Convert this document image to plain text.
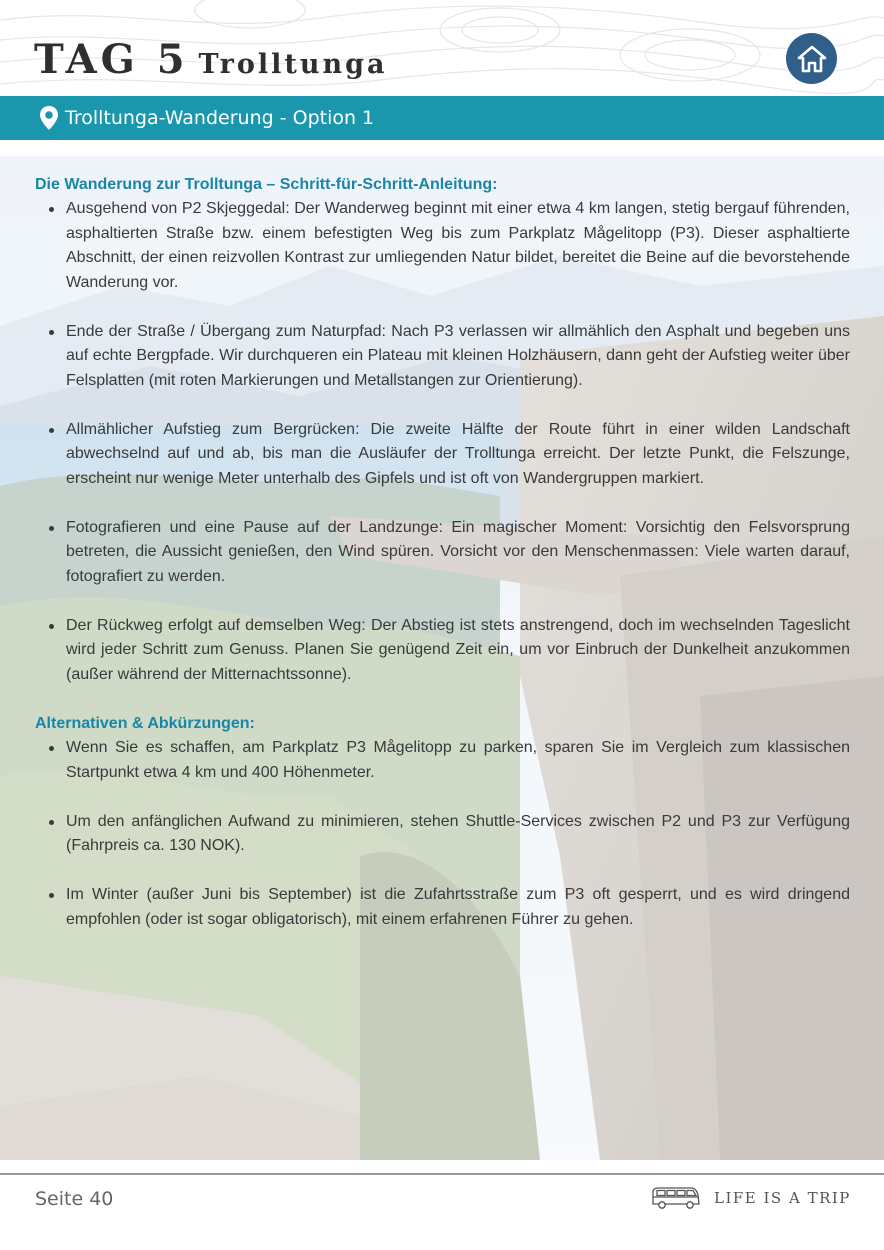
TAG 5 Trolltunga
Trolltunga-Wanderung - Option 1
Die Wanderung zur Trolltunga – Schritt-für-Schritt-Anleitung:
Ausgehend von P2 Skjeggedal: Der Wanderweg beginnt mit einer etwa 4 km langen, stetig bergauf führenden, asphaltierten Straße bzw. einem befestigten Weg bis zum Parkplatz Mågelitopp (P3). Dieser asphaltierte Abschnitt, der einen reizvollen Kontrast zur umliegenden Natur bildet, bereitet die Beine auf die bevorstehende Wanderung vor.
Ende der Straße / Übergang zum Naturpfad: Nach P3 verlassen wir allmählich den Asphalt und begeben uns auf echte Bergpfade. Wir durchqueren ein Plateau mit kleinen Holzhäusern, dann geht der Aufstieg weiter über Felsplatten (mit roten Markierungen und Metallstangen zur Orientierung).
Allmählicher Aufstieg zum Bergrücken: Die zweite Hälfte der Route führt in einer wilden Landschaft abwechselnd auf und ab, bis man die Ausläufer der Trolltunga erreicht. Der letzte Punkt, die Felszunge, erscheint nur wenige Meter unterhalb des Gipfels und ist oft von Wandergruppen markiert.
Fotografieren und eine Pause auf der Landzunge: Ein magischer Moment: Vorsichtig den Felsvorsprung betreten, die Aussicht genießen, den Wind spüren. Vorsicht vor den Menschenmassen: Viele warten darauf, fotografiert zu werden.
Der Rückweg erfolgt auf demselben Weg: Der Abstieg ist stets anstrengend, doch im wechselnden Tageslicht wird jeder Schritt zum Genuss. Planen Sie genügend Zeit ein, um vor Einbruch der Dunkelheit anzukommen (außer während der Mitternachtssonne).
Alternativen & Abkürzungen:
Wenn Sie es schaffen, am Parkplatz P3 Mågelitopp zu parken, sparen Sie im Vergleich zum klassischen Startpunkt etwa 4 km und 400 Höhenmeter.
Um den anfänglichen Aufwand zu minimieren, stehen Shuttle-Services zwischen P2 und P3 zur Verfügung (Fahrpreis ca. 130 NOK).
Im Winter (außer Juni bis September) ist die Zufahrtsstraße zum P3 oft gesperrt, und es wird dringend empfohlen (oder ist sogar obligatorisch), mit einem erfahrenen Führer zu gehen.
Seite 40	LIFE IS A TRIP
